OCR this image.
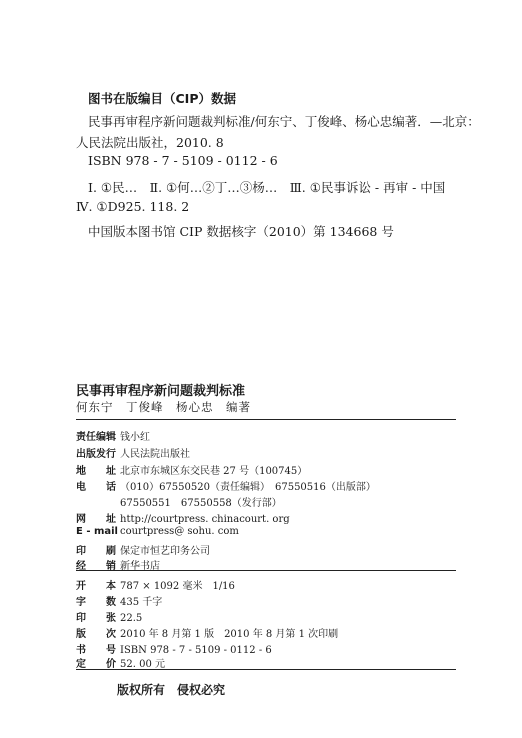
图书在版编目（CIP）数据
民事再审程序新问题裁判标准/何东宁、丁俊峰、杨心忠编著．—北京：
人民法院出版社，2010. 8
ISBN 978 - 7 - 5109 - 0112 - 6
Ⅰ. ①民…　Ⅱ. ①何…②丁…③杨…　Ⅲ. ①民事诉讼 - 再审 - 中国
Ⅳ. ①D925. 118. 2
中国版本图书馆 CIP 数据核字（2010）第 134668 号
民事再审程序新问题裁判标准
何东宁　丁俊峰　杨心忠　编著
责任编辑 钱小红
出版发行 人民法院出版社
地　　址 北京市东城区东交民巷 27 号（100745）
电　　话 （010）67550520（责任编辑）　67550516（出版部）
67550551　67550558（发行部）
网　　址 http://courtpress. chinacourt. org
E - mail courtpress@ sohu. com
印　　刷 保定市恒艺印务公司
经　　销 新华书店
开　　本 787 × 1092 毫米　1/16
字　　数 435 千字
印　　张 22.5
版　　次 2010 年 8 月第 1 版　2010 年 8 月第 1 次印刷
书　　号 ISBN 978 - 7 - 5109 - 0112 - 6
定　　价 52. 00 元
版权所有　侵权必究
